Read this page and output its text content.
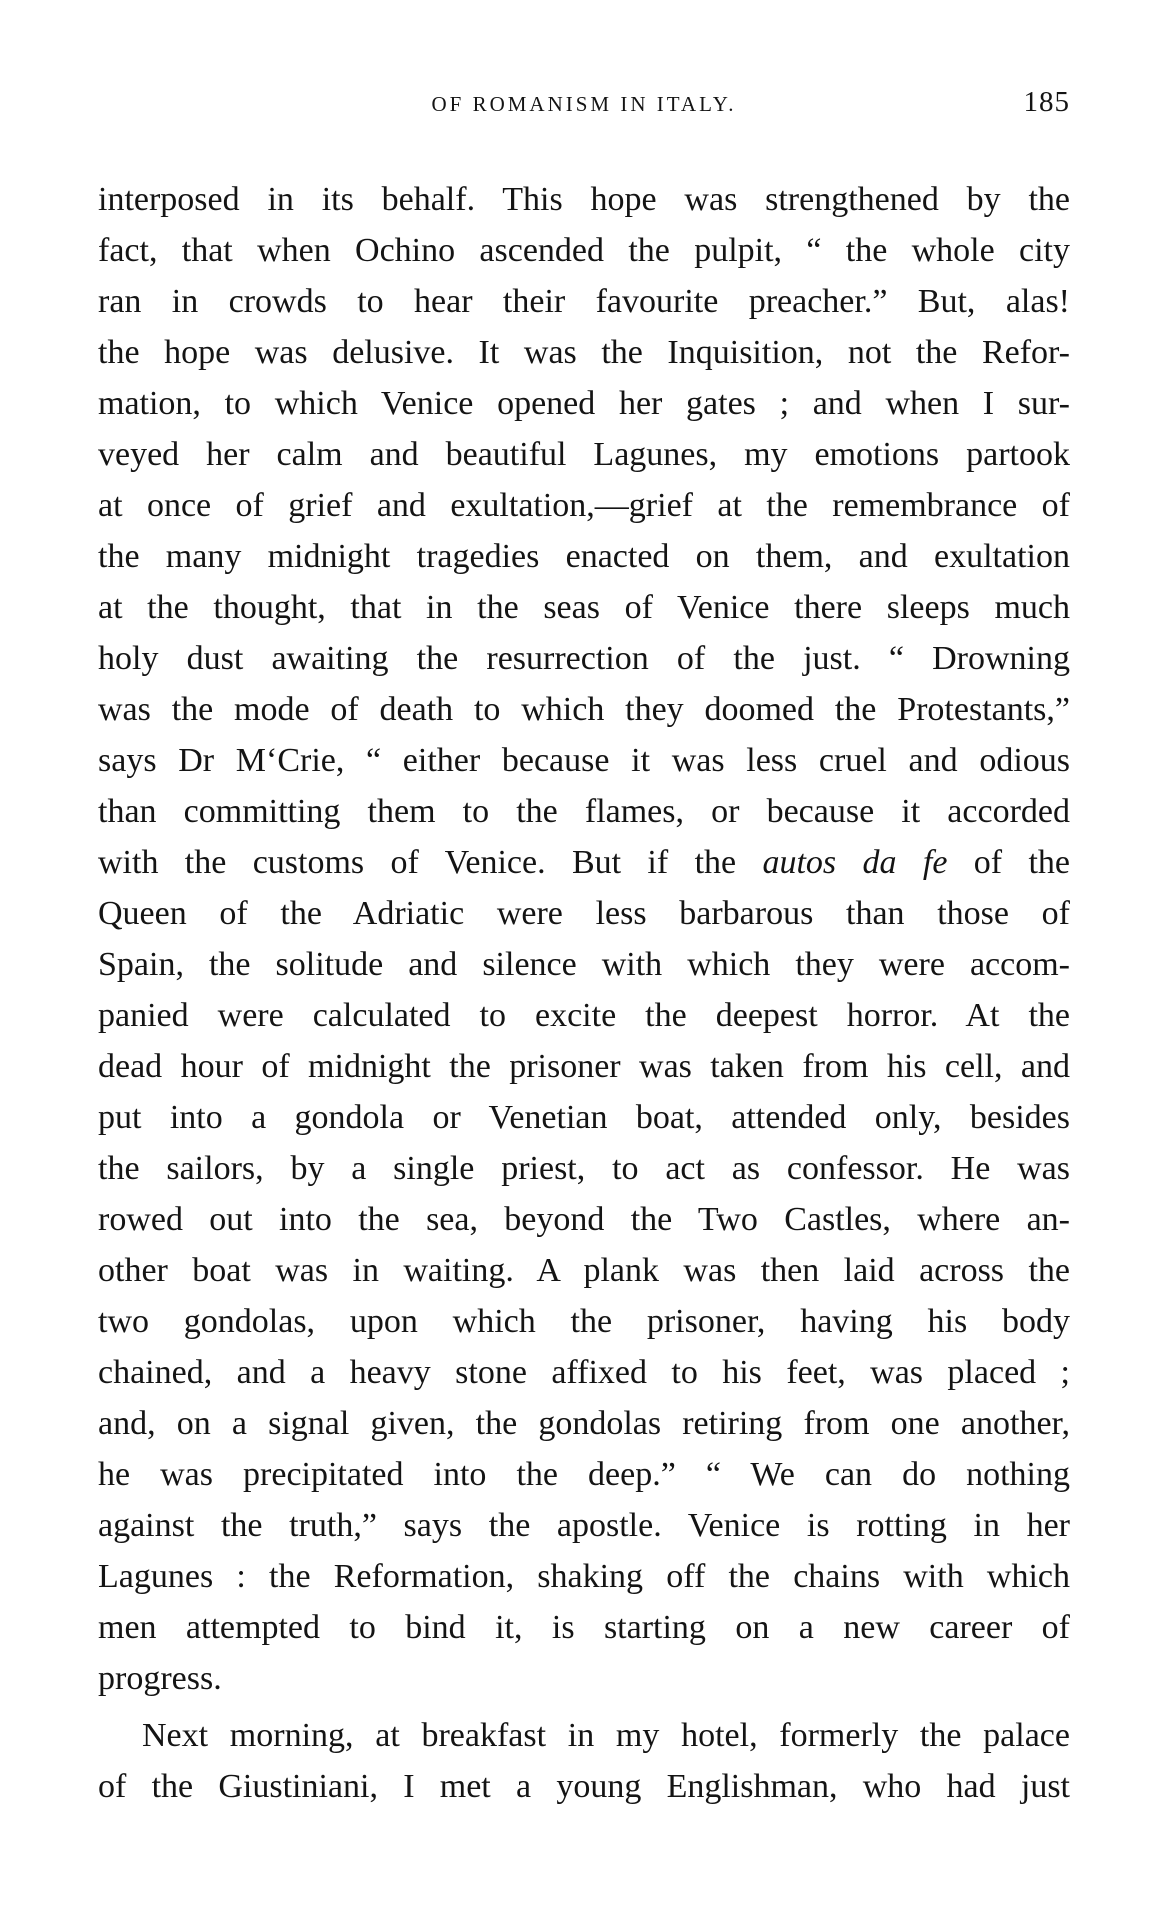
OF ROMANISM IN ITALY.	185
interposed in its behalf. This hope was strengthened by the
fact, that when Ochino ascended the pulpit, “ the whole city
ran in crowds to hear their favourite preacher.” But, alas!
the hope was delusive. It was the Inquisition, not the Refor-
mation, to which Venice opened her gates ; and when I sur-
veyed her calm and beautiful Lagunes, my emotions partook
at once of grief and exultation,—grief at the remembrance of
the many midnight tragedies enacted on them, and exultation
at the thought, that in the seas of Venice there sleeps much
holy dust awaiting the resurrection of the just. “ Drowning
was the mode of death to which they doomed the Protestants,”
says Dr M‘Crie, “ either because it was less cruel and odious
than committing them to the flames, or because it accorded
with the customs of Venice. But if the autos da fe of the
Queen of the Adriatic were less barbarous than those of
Spain, the solitude and silence with which they were accom-
panied were calculated to excite the deepest horror. At the
dead hour of midnight the prisoner was taken from his cell, and
put into a gondola or Venetian boat, attended only, besides
the sailors, by a single priest, to act as confessor. He was
rowed out into the sea, beyond the Two Castles, where an-
other boat was in waiting. A plank was then laid across the
two gondolas, upon which the prisoner, having his body
chained, and a heavy stone affixed to his feet, was placed ;
and, on a signal given, the gondolas retiring from one another,
he was precipitated into the deep.” “ We can do nothing
against the truth,” says the apostle. Venice is rotting in her
Lagunes : the Reformation, shaking off the chains with which
men attempted to bind it, is starting on a new career of
progress.
Next morning, at breakfast in my hotel, formerly the palace
of the Giustiniani, I met a young Englishman, who had just
